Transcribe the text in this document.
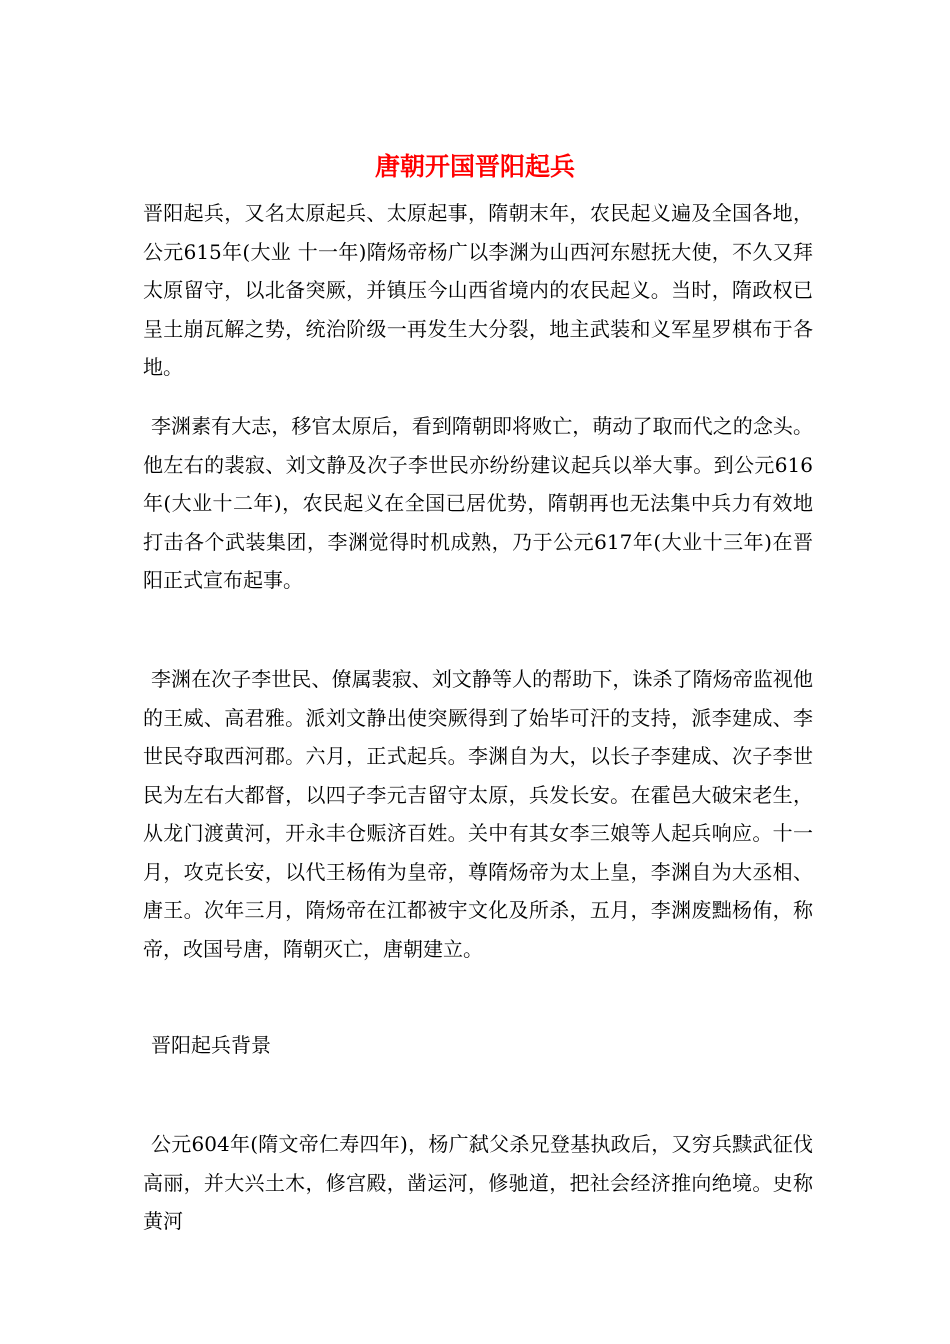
唐朝开国晋阳起兵

晋阳起兵，又名太原起兵、太原起事，隋朝末年，农民起义遍及全国各地，公元615年(大业 十一年)隋炀帝杨广以李渊为山西河东慰抚大使，不久又拜太原留守，以北备突厥，并镇压今山西省境内的农民起义。当时，隋政权已呈土崩瓦解之势，统治阶级一再发生大分裂，地主武装和义军星罗棋布于各地。

李渊素有大志，移官太原后，看到隋朝即将败亡，萌动了取而代之的念头。他左右的裴寂、刘文静及次子李世民亦纷纷建议起兵以举大事。到公元616年(大业十二年)，农民起义在全国已居优势，隋朝再也无法集中兵力有效地打击各个武装集团，李渊觉得时机成熟，乃于公元617年(大业十三年)在晋阳正式宣布起事。

李渊在次子李世民、僚属裴寂、刘文静等人的帮助下，诛杀了隋炀帝监视他的王威、高君雅。派刘文静出使突厥得到了始毕可汗的支持，派李建成、李世民夺取西河郡。六月，正式起兵。李渊自为大，以长子李建成、次子李世民为左右大都督，以四子李元吉留守太原，兵发长安。在霍邑大破宋老生，从龙门渡黄河，开永丰仓赈济百姓。关中有其女李三娘等人起兵响应。十一月，攻克长安，以代王杨侑为皇帝，尊隋炀帝为太上皇，李渊自为大丞相、唐王。次年三月，隋炀帝在江都被宇文化及所杀，五月，李渊废黜杨侑，称帝，改国号唐，隋朝灭亡，唐朝建立。

晋阳起兵背景

公元604年(隋文帝仁寿四年)，杨广弑父杀兄登基执政后，又穷兵黩武征伐高丽，并大兴土木，修宫殿，凿运河，修驰道，把社会经济推向绝境。史称黄河
